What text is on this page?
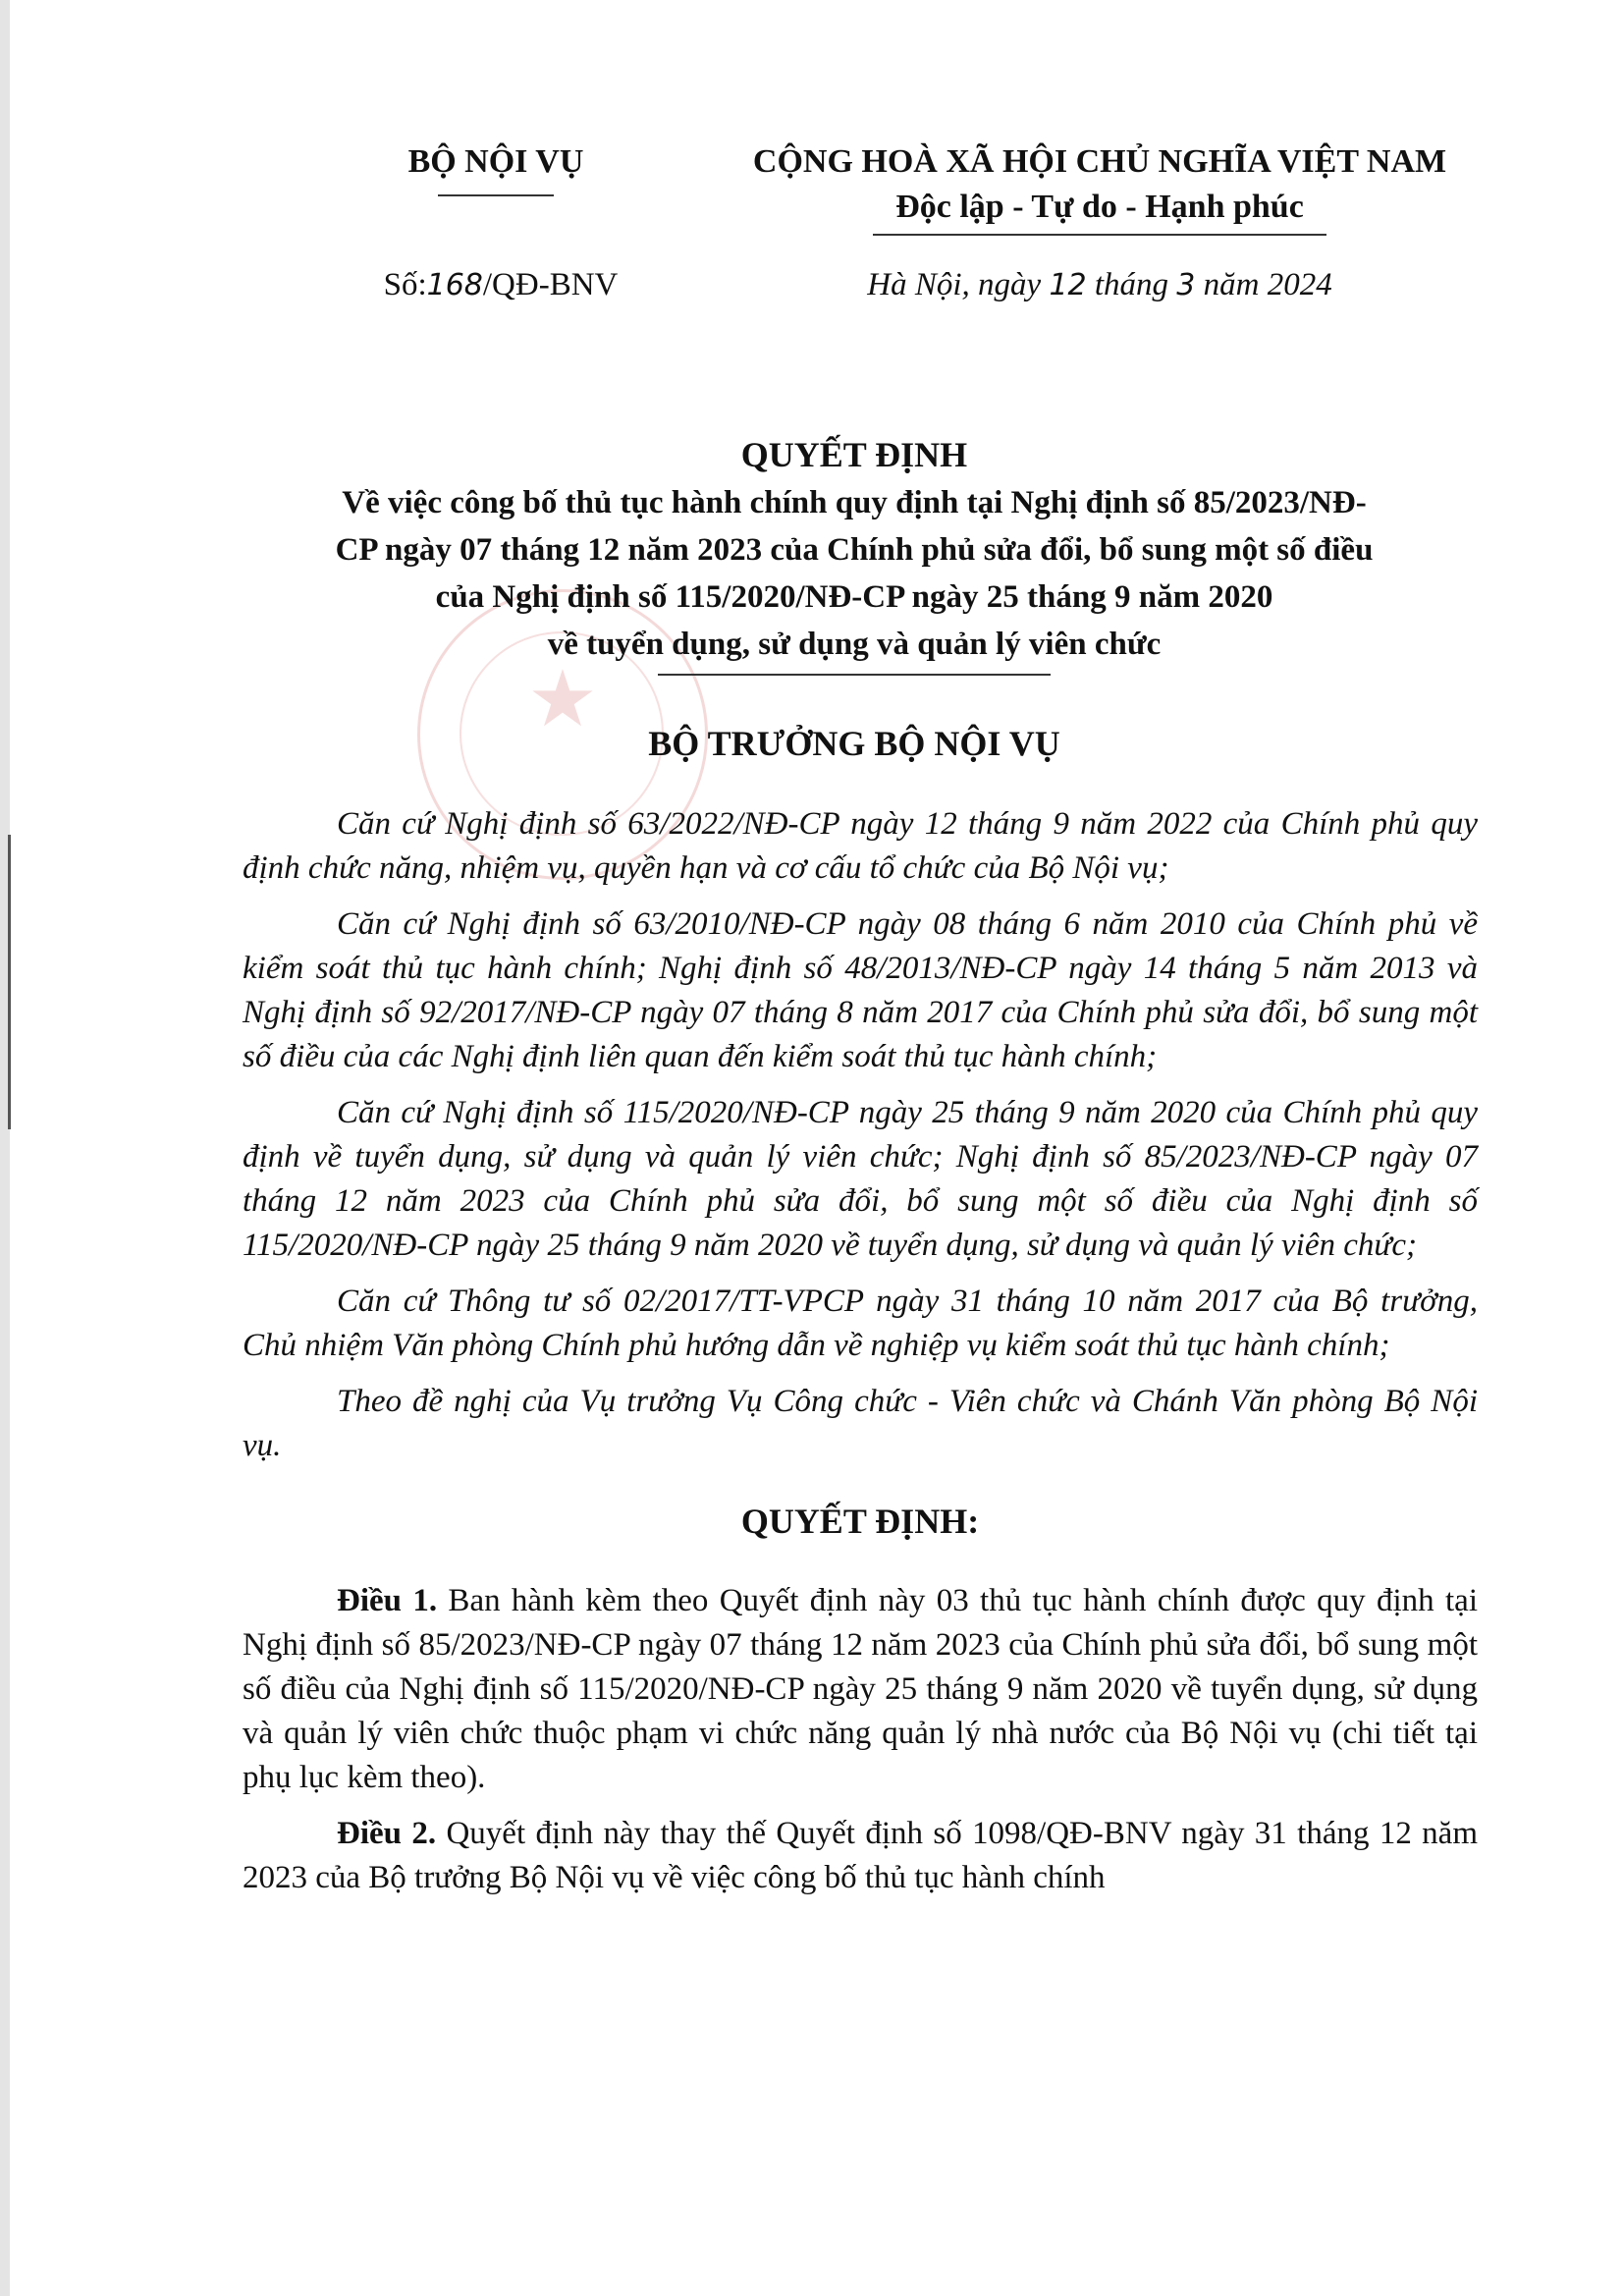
★
BỘ NỘI VỤ	CỘNG HOÀ XÃ HỘI CHỦ NGHĨA VIỆT NAM
Độc lập - Tự do - Hạnh phúc
Số:168/QĐ-BNV	Hà Nội, ngày 12 tháng 3 năm 2024
QUYẾT ĐỊNH
Về việc công bố thủ tục hành chính quy định tại Nghị định số 85/2023/NĐ-
CP ngày 07 tháng 12 năm 2023 của Chính phủ sửa đổi, bổ sung một số điều
của Nghị định số 115/2020/NĐ-CP ngày 25 tháng 9 năm 2020
về tuyển dụng, sử dụng và quản lý viên chức
BỘ TRƯỞNG BỘ NỘI VỤ

Căn cứ Nghị định số 63/2022/NĐ-CP ngày 12 tháng 9 năm 2022 của Chính phủ quy định chức năng, nhiệm vụ, quyền hạn và cơ cấu tổ chức của Bộ Nội vụ;

Căn cứ Nghị định số 63/2010/NĐ-CP ngày 08 tháng 6 năm 2010 của Chính phủ về kiểm soát thủ tục hành chính; Nghị định số 48/2013/NĐ-CP ngày 14 tháng 5 năm 2013 và Nghị định số 92/2017/NĐ-CP ngày 07 tháng 8 năm 2017 của Chính phủ sửa đổi, bổ sung một số điều của các Nghị định liên quan đến kiểm soát thủ tục hành chính;

Căn cứ Nghị định số 115/2020/NĐ-CP ngày 25 tháng 9 năm 2020 của Chính phủ quy định về tuyển dụng, sử dụng và quản lý viên chức; Nghị định số 85/2023/NĐ-CP ngày 07 tháng 12 năm 2023 của Chính phủ sửa đổi, bổ sung một số điều của Nghị định số 115/2020/NĐ-CP ngày 25 tháng 9 năm 2020 về tuyển dụng, sử dụng và quản lý viên chức;

Căn cứ Thông tư số 02/2017/TT-VPCP ngày 31 tháng 10 năm 2017 của Bộ trưởng, Chủ nhiệm Văn phòng Chính phủ hướng dẫn về nghiệp vụ kiểm soát thủ tục hành chính;

Theo đề nghị của Vụ trưởng Vụ Công chức - Viên chức và Chánh Văn phòng Bộ Nội vụ.

QUYẾT ĐỊNH:

Điều 1. Ban hành kèm theo Quyết định này 03 thủ tục hành chính được quy định tại Nghị định số 85/2023/NĐ-CP ngày 07 tháng 12 năm 2023 của Chính phủ sửa đổi, bổ sung một số điều của Nghị định số 115/2020/NĐ-CP ngày 25 tháng 9 năm 2020 về tuyển dụng, sử dụng và quản lý viên chức thuộc phạm vi chức năng quản lý nhà nước của Bộ Nội vụ (chi tiết tại phụ lục kèm theo).

Điều 2. Quyết định này thay thế Quyết định số 1098/QĐ-BNV ngày 31 tháng 12 năm 2023 của Bộ trưởng Bộ Nội vụ về việc công bố thủ tục hành chính
